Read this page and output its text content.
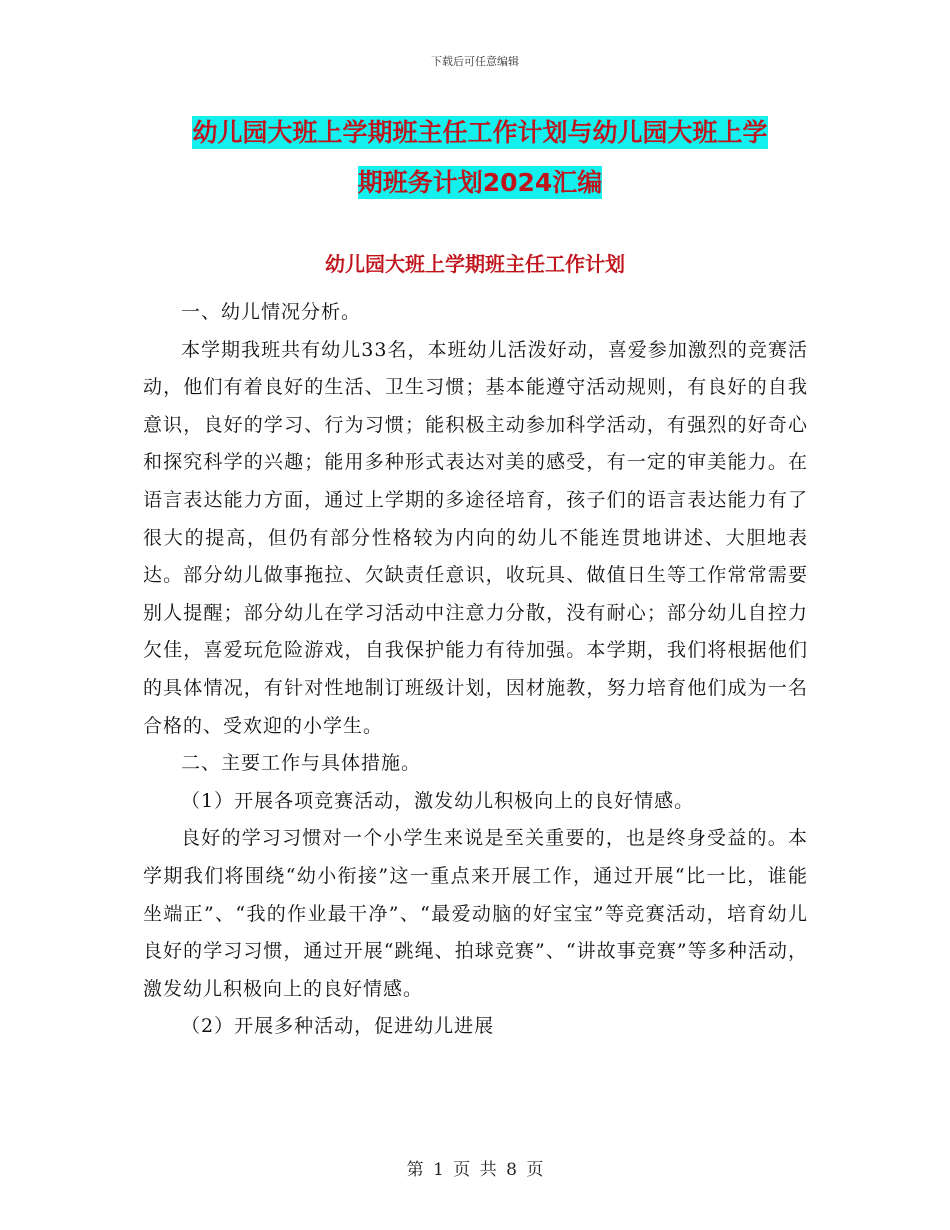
下载后可任意编辑
幼儿园大班上学期班主任工作计划与幼儿园大班上学
期班务计划2024汇编
幼儿园大班上学期班主任工作计划

一、幼儿情况分析。

本学期我班共有幼儿33名，本班幼儿活泼好动，喜爱参加激烈的竞赛活动，他们有着良好的生活、卫生习惯；基本能遵守活动规则，有良好的自我意识，良好的学习、行为习惯；能积极主动参加科学活动，有强烈的好奇心和探究科学的兴趣；能用多种形式表达对美的感受，有一定的审美能力。在语言表达能力方面，通过上学期的多途径培育，孩子们的语言表达能力有了很大的提高，但仍有部分性格较为内向的幼儿不能连贯地讲述、大胆地表达。部分幼儿做事拖拉、欠缺责任意识，收玩具、做值日生等工作常常需要别人提醒；部分幼儿在学习活动中注意力分散，没有耐心；部分幼儿自控力欠佳，喜爱玩危险游戏，自我保护能力有待加强。本学期，我们将根据他们的具体情况，有针对性地制订班级计划，因材施教，努力培育他们成为一名合格的、受欢迎的小学生。

二、主要工作与具体措施。

（1）开展各项竞赛活动，激发幼儿积极向上的良好情感。

良好的学习习惯对一个小学生来说是至关重要的，也是终身受益的。本学期我们将围绕“幼小衔接”这一重点来开展工作，通过开展“比一比，谁能坐端正”、“我的作业最干净”、“最爱动脑的好宝宝”等竞赛活动，培育幼儿良好的学习习惯，通过开展“跳绳、拍球竞赛”、“讲故事竞赛”等多种活动，激发幼儿积极向上的良好情感。

（2）开展多种活动，促进幼儿进展

第 1 页 共 8 页
